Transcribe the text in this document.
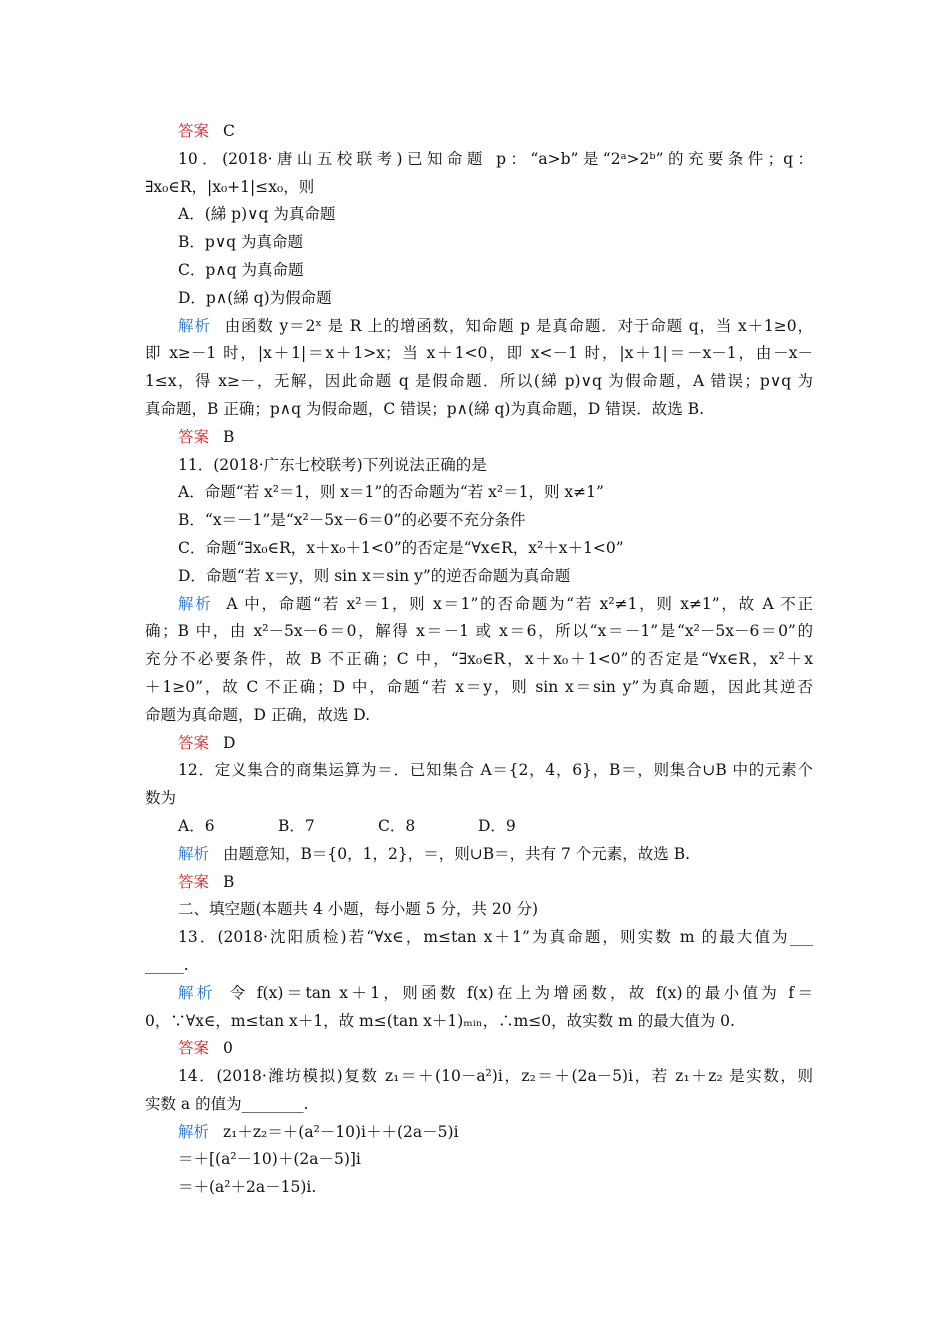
答案 C
10．(2018·唐山五校联考)已知命题 p：“a>b”是“2ᵃ>2ᵇ”的充要条件；q：
∃x₀∈R，|x₀+1|≤x₀，则
A．(綈 p)∨q 为真命题
B．p∨q 为真命题
C．p∧q 为真命题
D．p∧(綈 q)为假命题
解析 由函数 y＝2ˣ 是 R 上的增函数，知命题 p 是真命题．对于命题 q，当 x＋1≥0，
即 x≥－1 时，|x＋1|＝x＋1>x；当 x＋1<0，即 x<－1 时，|x＋1|＝－x－1，由－x－
1≤x，得 x≥－，无解，因此命题 q 是假命题．所以(綈 p)∨q 为假命题，A 错误；p∨q 为
真命题，B 正确；p∧q 为假命题，C 错误；p∧(綈 q)为真命题，D 错误．故选 B.
答案 B
11．(2018·广东七校联考)下列说法正确的是
A．命题“若 x²＝1，则 x＝1”的否命题为“若 x²＝1，则 x≠1”
B．“x＝－1”是“x²－5x－6＝0”的必要不充分条件
C．命题“∃x₀∈R，x＋x₀＋1<0”的否定是“∀x∈R，x²＋x＋1<0”
D．命题“若 x＝y，则 sin x＝sin y”的逆否命题为真命题
解析 A 中，命题“若 x²＝1，则 x＝1”的否命题为“若 x²≠1，则 x≠1”，故 A 不正
确；B 中，由 x²－5x－6＝0，解得 x＝－1 或 x＝6，所以“x＝－1”是“x²－5x－6＝0”的
充分不必要条件，故 B 不正确；C 中，“∃x₀∈R，x＋x₀＋1<0”的否定是“∀x∈R，x²＋x
＋1≥0”，故 C 不正确；D 中，命题“若 x＝y，则 sin x＝sin y”为真命题，因此其逆否
命题为真命题，D 正确，故选 D.
答案 D
12．定义集合的商集运算为＝．已知集合 A＝{2，4，6}，B＝，则集合∪B 中的元素个
数为
A．6	B．7	C．8	D．9
解析 由题意知，B＝{0，1，2}，＝，则∪B＝，共有 7 个元素，故选 B.
答案 B
二、填空题(本题共 4 小题，每小题 5 分，共 20 分)
13．(2018·沈阳质检)若“∀x∈，m≤tan x＋1”为真命题，则实数 m 的最大值为___
_____.
解析 令 f(x)＝tan x＋1，则函数 f(x)在上为增函数，故 f(x)的最小值为 f＝
0，∵∀x∈，m≤tan x＋1，故 m≤(tan x＋1)ₘᵢₙ，∴m≤0，故实数 m 的最大值为 0.
答案 0
14．(2018·潍坊模拟)复数 z₁＝＋(10－a²)i，z₂＝＋(2a－5)i，若 z₁＋z₂ 是实数，则
实数 a 的值为________.
解析 z₁＋z₂＝＋(a²－10)i＋＋(2a－5)i
＝＋[(a²－10)＋(2a－5)]i
＝＋(a²＋2a－15)i.
